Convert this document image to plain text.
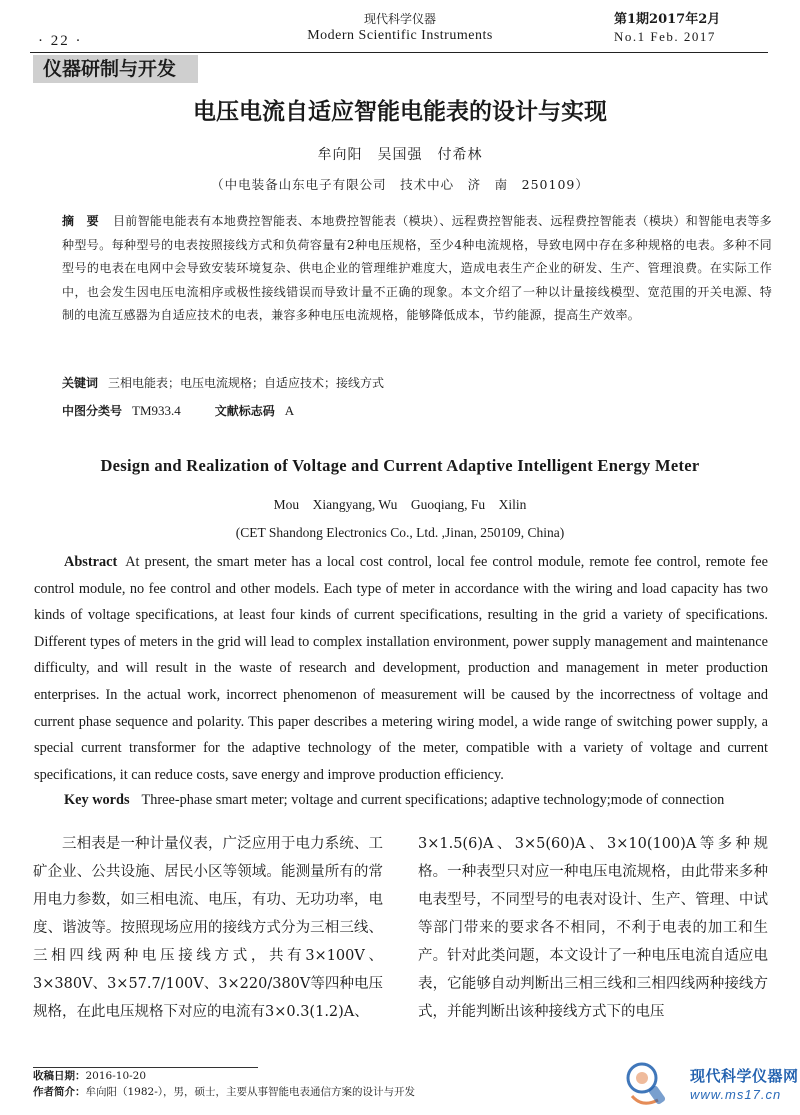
· 22 ·
现代科学仪器
Modern Scientific Instruments
第1期2017年2月
No.1 Feb. 2017
仪器研制与开发
电压电流自适应智能电能表的设计与实现
牟向阳　吴国强　付希林
（中电装备山东电子有限公司　技术中心　济　南　250109）
摘　要 目前智能电能表有本地费控智能表、本地费控智能表（模块）、远程费控智能表、远程费控智能表（模块）和智能电表等多种型号。每种型号的电表按照接线方式和负荷容量有2种电压规格，至少4种电流规格，导致电网中存在多种规格的电表。多种不同型号的电表在电网中会导致安装环境复杂、供电企业的管理维护难度大，造成电表生产企业的研发、生产、管理浪费。在实际工作中，也会发生因电压电流相序或极性接线错误而导致计量不正确的现象。本文介绍了一种以计量接线模型、宽范围的开关电源、特制的电流互感器为自适应技术的电表，兼容多种电压电流规格，能够降低成本，节约能源，提高生产效率。
关键词 三相电能表；电压电流规格；自适应技术；接线方式
中图分类号 TM933.4	文献标志码 A
Design and Realization of Voltage and Current Adaptive Intelligent Energy Meter
Mou　Xiangyang, Wu　Guoqiang, Fu　Xilin
(CET Shandong Electronics Co., Ltd. ,Jinan, 250109, China)
Abstract At present, the smart meter has a local cost control, local fee control module, remote fee control, remote fee control module, no fee control and other models. Each type of meter in accordance with the wiring and load capacity has two kinds of voltage specifications, at least four kinds of current specifications, resulting in the grid a variety of specifications. Different types of meters in the grid will lead to complex installation environment, power supply management and maintenance difficulty, and will result in the waste of research and development, production and management in meter production enterprises. In the actual work, incorrect phenomenon of measurement will be caused by the incorrectness of voltage and current phase sequence and polarity. This paper describes a metering wiring model, a wide range of switching power supply, a special current transformer for the adaptive technology of the meter, compatible with a variety of voltage and current specifications, it can reduce costs, save energy and improve production efficiency.
Key words Three-phase smart meter; voltage and current specifications; adaptive technology;mode of connection
三相表是一种计量仪表，广泛应用于电力系统、工矿企业、公共设施、居民小区等领域。能测量所有的常用电力参数，如三相电流、电压，有功、无功功率，电度、谐波等。按照现场应用的接线方式分为三相三线、三相四线两种电压接线方式，共有3×100V、3×380V、3×57.7/100V、3×220/380V等四种电压规格，在此电压规格下对应的电流有3×0.3(1.2)A、
3×1.5(6)A、3×5(60)A、3×10(100)A等多种规格。一种表型只对应一种电压电流规格，由此带来多种电表型号，不同型号的电表对设计、生产、管理、中试等部门带来的要求各不相同，不利于电表的加工和生产。针对此类问题，本文设计了一种电压电流自适应电表，它能够自动判断出三相三线和三相四线两种接线方式，并能判断出该种接线方式下的电压
收稿日期：2016-10-20
作者简介：牟向阳（1982-），男，硕士，主要从事智能电表通信方案的设计与开发
现代科学仪器网
www.ms17.cn
